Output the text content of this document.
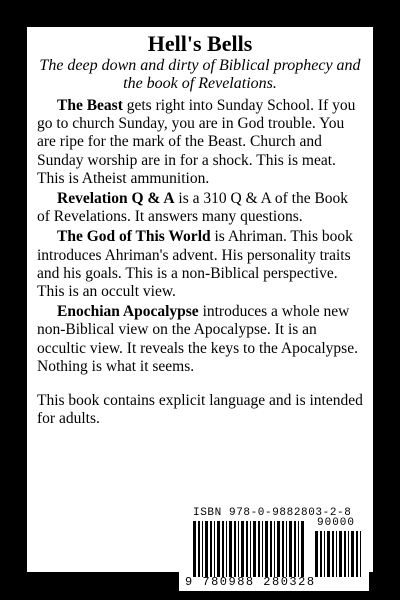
Hell's Bells

The deep down and dirty of Biblical prophecy and the book of Revelations.

The Beast gets right into Sunday School. If you go to church Sunday, you are in God trouble. You are ripe for the mark of the Beast. Church and Sunday worship are in for a shock. This is meat. This is Atheist ammunition.

Revelation Q & A is a 310 Q & A of the Book of Revelations. It answers many questions.

The God of This World is Ahriman. This book introduces Ahriman's advent. His personality traits and his goals. This is a non-Biblical perspective. This is an occult view.

Enochian Apocalypse introduces a whole new non-Biblical view on the Apocalypse. It is an occultic view. It reveals the keys to the Apocalypse. Nothing is what it seems.

This book contains explicit language and is intended for adults.

ISBN 978-0-9882803-2-8
90000
9 780988 280328
